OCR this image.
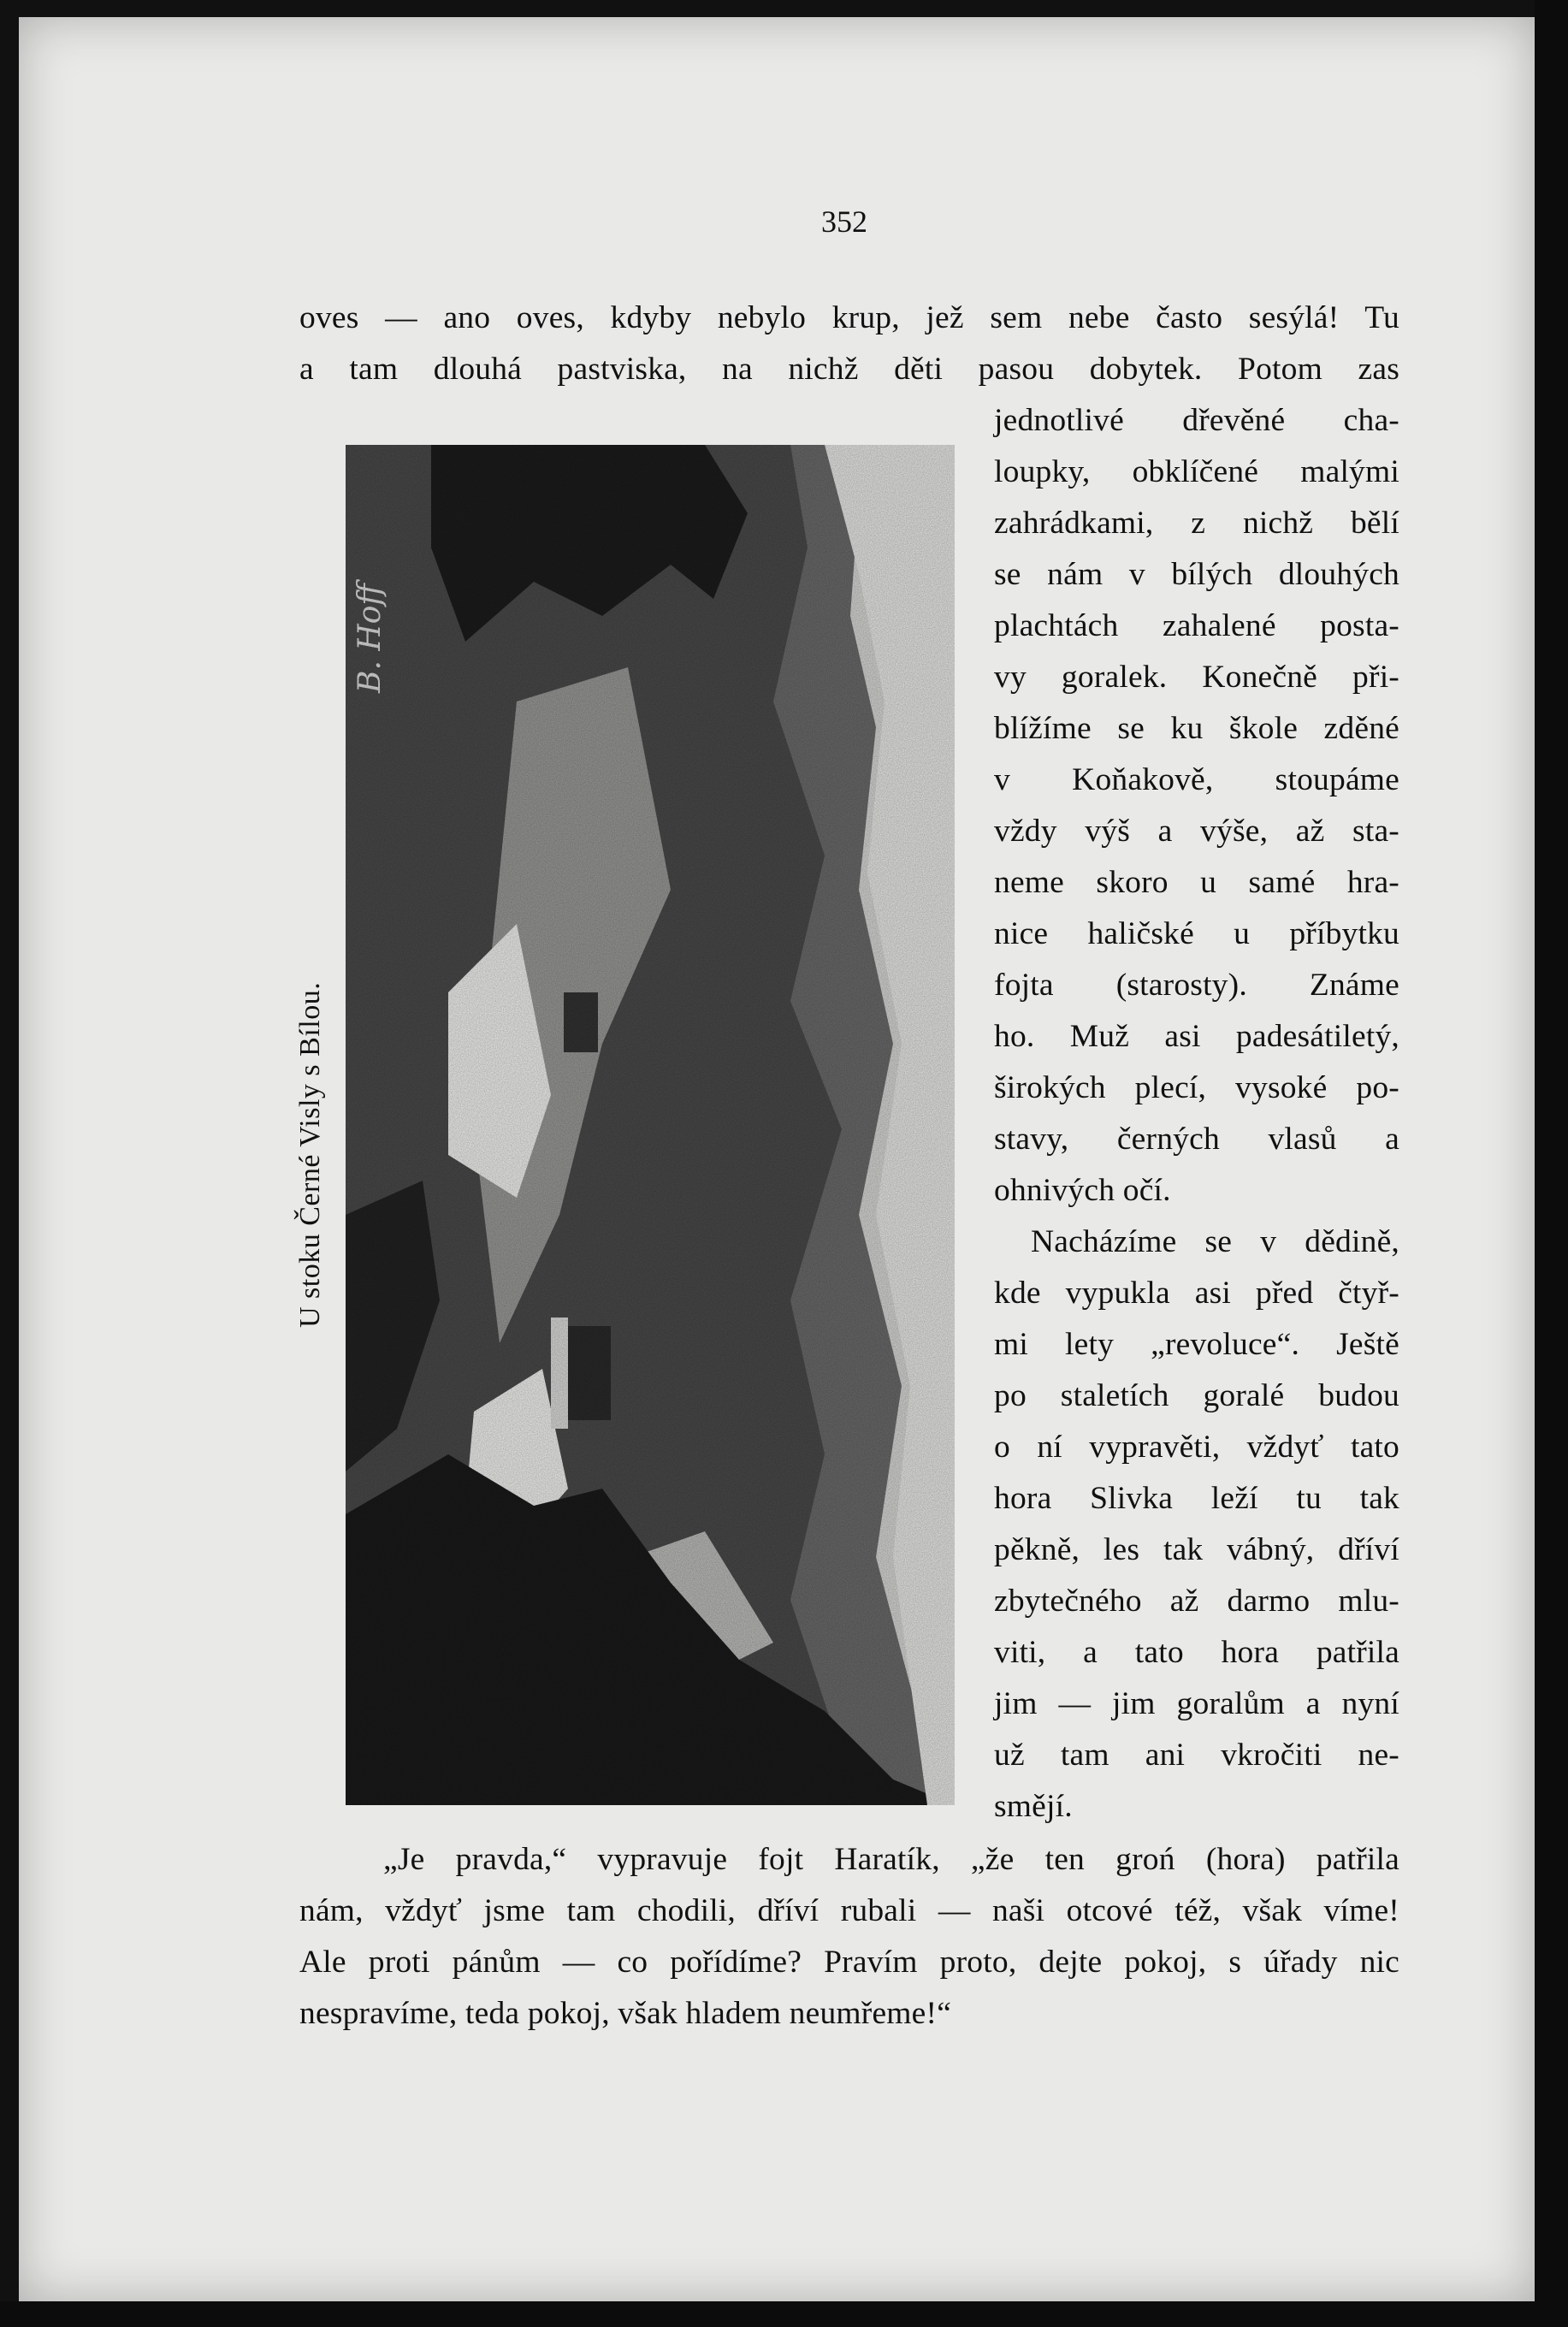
352
oves — ano oves, kdyby nebylo krup, jež sem nebe často sesýlá! Tu
a tam dlouhá pastviska, na nichž děti pasou dobytek. Potom zas
U stoku Černé Visly s Bílou.
jednotlivé dřevěné cha-
loupky, obklíčené malými
zahrádkami, z nichž bělí
se nám v bílých dlouhých
plachtách zahalené posta-
vy goralek. Konečně při-
blížíme se ku škole zděné
v Koňakově, stoupáme
vždy výš a výše, až sta-
neme skoro u samé hra-
nice haličské u příbytku
fojta (starosty). Známe
ho. Muž asi padesátiletý,
širokých plecí, vysoké po-
stavy, černých vlasů a
ohnivých očí.
Nacházíme se v dědině,
kde vypukla asi před čtyř-
mi lety „revoluce“. Ještě
po staletích goralé budou
o ní vypravěti, vždyť tato
hora Slivka leží tu tak
pěkně, les tak vábný, dříví
zbytečného až darmo mlu-
viti, a tato hora patřila
jim — jim goralům a nyní
už tam ani vkročiti ne-
smějí.
„Je pravda,“ vypravuje fojt Haratík, „že ten groń (hora) patřila
nám, vždyť jsme tam chodili, dříví rubali — naši otcové též, však víme!
Ale proti pánům — co pořídíme? Pravím proto, dejte pokoj, s úřady nic
nespravíme, teda pokoj, však hladem neumřeme!“
